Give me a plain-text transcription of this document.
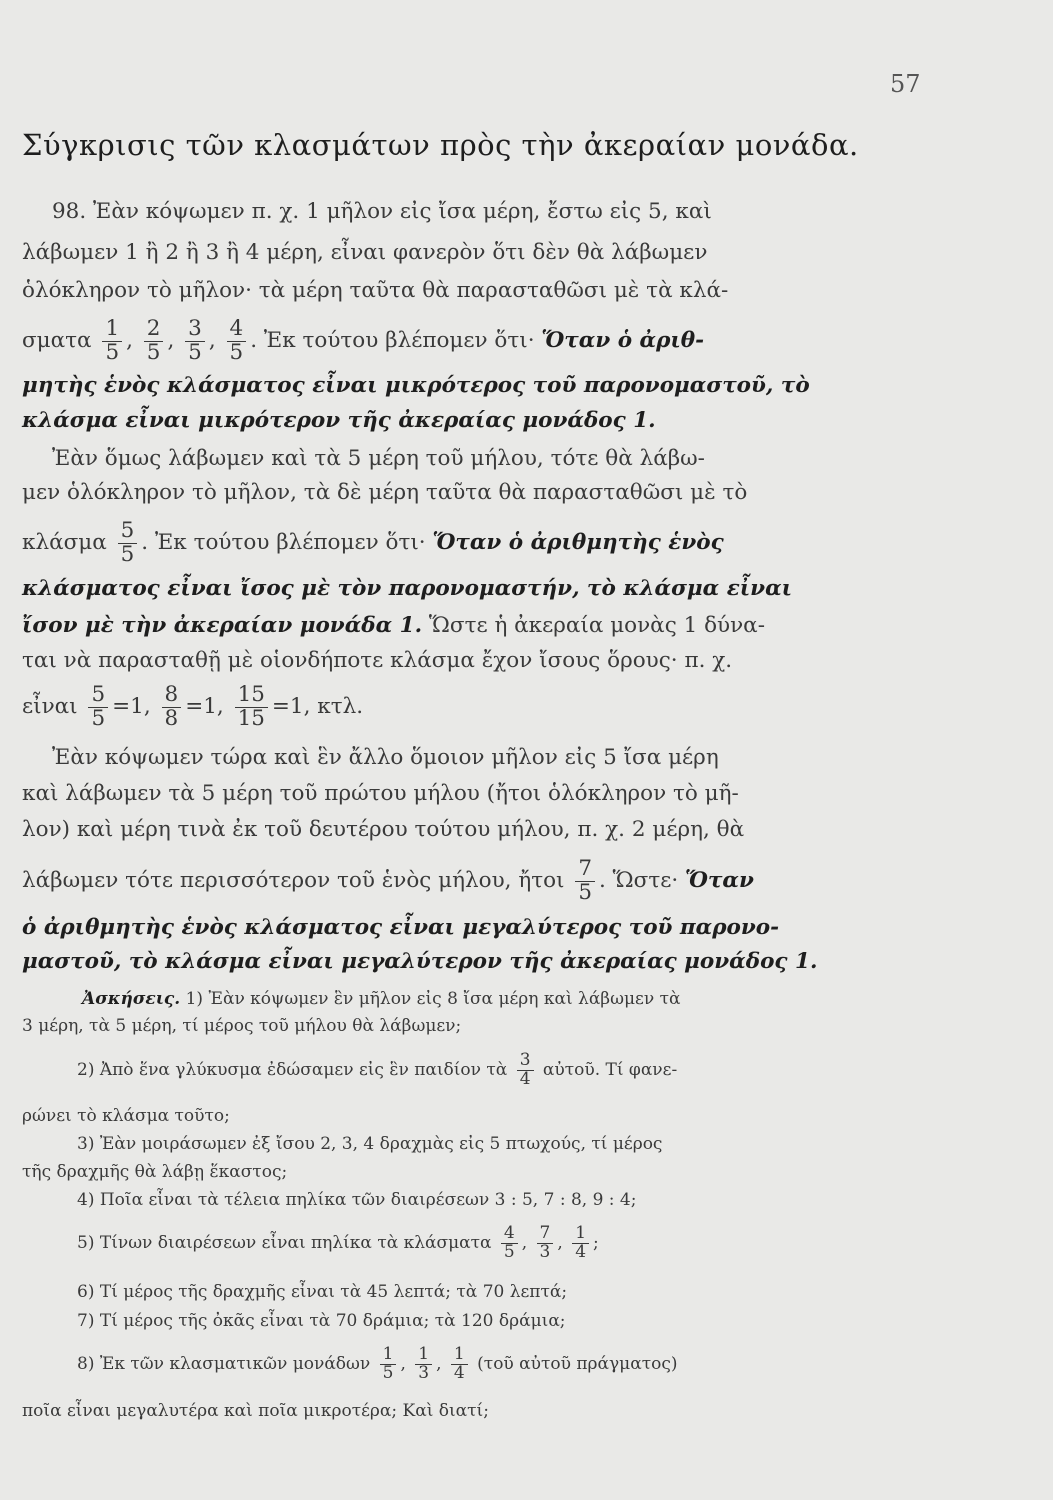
57
Σύγκρισις τῶν κλασμάτων πρὸς τὴν ἀκεραίαν μονάδα.
98. Ἐὰν κόψωμεν π. χ. 1 μῆλον εἰς ἴσα μέρη, ἔστω εἰς 5, καὶ
λάβωμεν 1 ἢ 2 ἢ 3 ἢ 4 μέρη, εἶναι φανερὸν ὅτι δὲν θὰ λάβωμεν
ὁλόκληρον τὸ μῆλον· τὰ μέρη ταῦτα θὰ παρασταθῶσι μὲ τὰ κλά-
σματα $\frac{1}{5}$ , $\frac{2}{5}$ , $\frac{3}{5}$ , $\frac{4}{5}$ . Ἐκ τούτου βλέπομεν ὅτι· Ὅταν ὁ ἀριθ-
μητὴς ἑνὸς κλάσματος εἶναι μικρότερος τοῦ παρονομαστοῦ, τὸ
κλάσμα εἶναι μικρότερον τῆς ἀκεραίας μονάδος 1.
Ἐὰν ὅμως λάβωμεν καὶ τὰ 5 μέρη τοῦ μήλου, τότε θὰ λάβω-
μεν ὁλόκληρον τὸ μῆλον, τὰ δὲ μέρη ταῦτα θὰ παρασταθῶσι μὲ τὸ
κλάσμα $\frac{5}{5}$ . Ἐκ τούτου βλέπομεν ὅτι· Ὅταν ὁ ἀριθμητὴς ἑνὸς
κλάσματος εἶναι ἴσος μὲ τὸν παρονομαστήν, τὸ κλάσμα εἶναι
ἴσον μὲ τὴν ἀκεραίαν μονάδα 1. Ὥστε ἡ ἀκεραία μονὰς 1 δύνα-
ται νὰ παρασταθῇ μὲ οἱονδήποτε κλάσμα ἔχον ἴσους ὅρους· π. χ.
εἶναι $\frac{5}{5} =1$, $\frac{8}{8} =1$, $\frac{15}{15} =1$, κτλ.
Ἐὰν κόψωμεν τώρα καὶ ἓν ἄλλο ὅμοιον μῆλον εἰς 5 ἴσα μέρη
καὶ λάβωμεν τὰ 5 μέρη τοῦ πρώτου μήλου (ἤτοι ὁλόκληρον τὸ μῆ-
λον) καὶ μέρη τινὰ ἐκ τοῦ δευτέρου τούτου μήλου, π. χ. 2 μέρη, θὰ
λάβωμεν τότε περισσότερον τοῦ ἑνὸς μήλου, ἤτοι $\frac{7}{5}$ . Ὥστε· Ὅταν
ὁ ἀριθμητὴς ἑνὸς κλάσματος εἶναι μεγαλύτερος τοῦ παρονο-
μαστοῦ, τὸ κλάσμα εἶναι μεγαλύτερον τῆς ἀκεραίας μονάδος 1.
Ἀσκήσεις. 1) Ἐὰν κόψωμεν ἓν μῆλον εἰς 8 ἴσα μέρη καὶ λάβωμεν τὰ
3 μέρη, τὰ 5 μέρη, τί μέρος τοῦ μήλου θὰ λάβωμεν;
2) Ἀπὸ ἕνα γλύκυσμα ἐδώσαμεν εἰς ἓν παιδίον τὰ $\frac{3}{4}$ αὐτοῦ. Τί φανε-
ρώνει τὸ κλάσμα τοῦτο;
3) Ἐὰν μοιράσωμεν ἐξ ἴσου 2, 3, 4 δραχμὰς εἰς 5 πτωχούς, τί μέρος
τῆς δραχμῆς θὰ λάβῃ ἕκαστος;
4) Ποῖα εἶναι τὰ τέλεια πηλίκα τῶν διαιρέσεων 3 : 5, 7 : 8, 9 : 4;
5) Τίνων διαιρέσεων εἶναι πηλίκα τὰ κλάσματα $\frac{4}{5}$ , $\frac{7}{3}$ , $\frac{1}{4}$ ;
6) Τί μέρος τῆς δραχμῆς εἶναι τὰ 45 λεπτά; τὰ 70 λεπτά;
7) Τί μέρος τῆς ὀκᾶς εἶναι τὰ 70 δράμια; τὰ 120 δράμια;
8) Ἐκ τῶν κλασματικῶν μονάδων $\frac{1}{5}$ , $\frac{1}{3}$ , $\frac{1}{4}$ (τοῦ αὐτοῦ πράγματος)
ποῖα εἶναι μεγαλυτέρα καὶ ποῖα μικροτέρα; Καὶ διατί;
